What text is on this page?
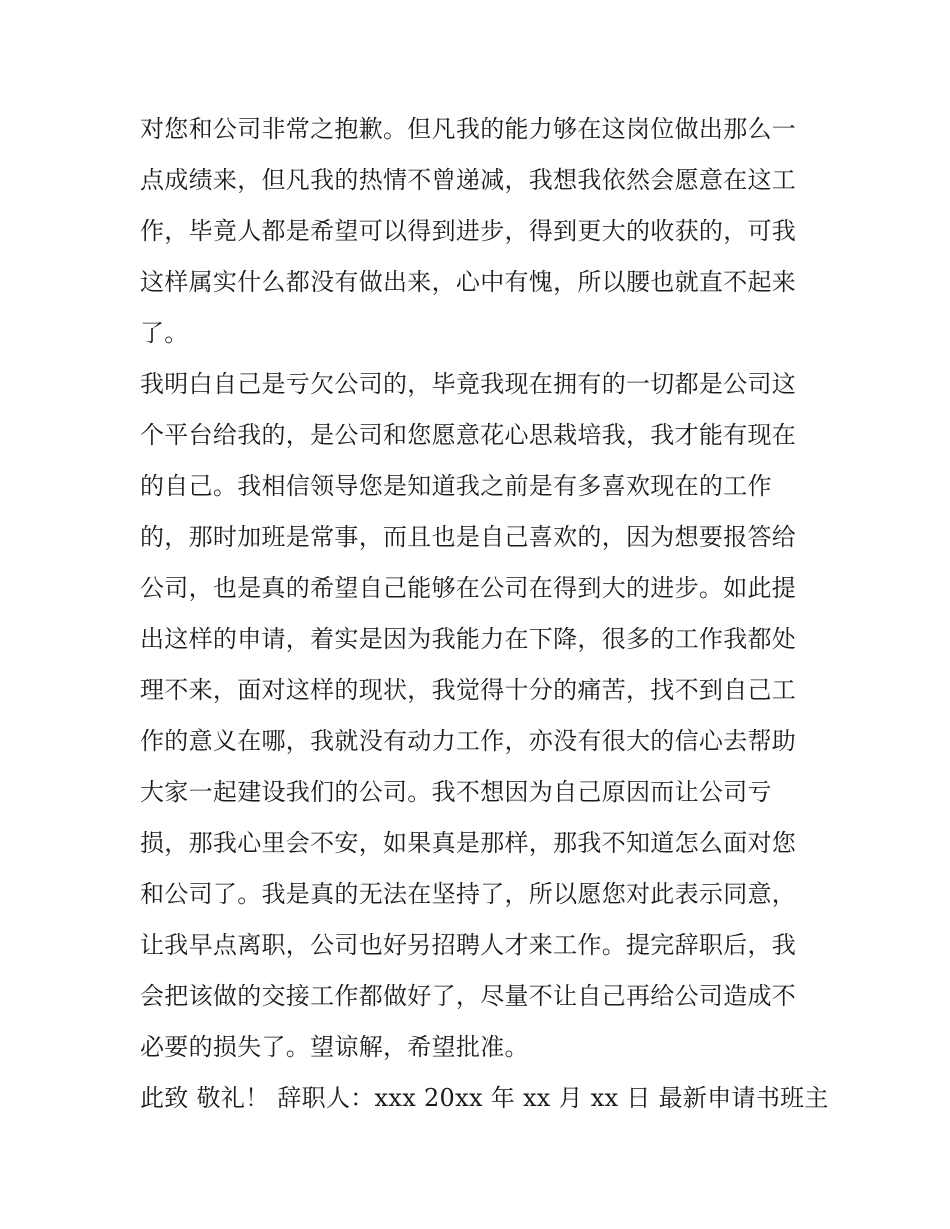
对您和公司非常之抱歉。但凡我的能力够在这岗位做出那么一
点成绩来，但凡我的热情不曾递减，我想我依然会愿意在这工
作，毕竟人都是希望可以得到进步，得到更大的收获的，可我
这样属实什么都没有做出来，心中有愧，所以腰也就直不起来
了。
我明白自己是亏欠公司的，毕竟我现在拥有的一切都是公司这
个平台给我的，是公司和您愿意花心思栽培我，我才能有现在
的自己。我相信领导您是知道我之前是有多喜欢现在的工作
的，那时加班是常事，而且也是自己喜欢的，因为想要报答给
公司，也是真的希望自己能够在公司在得到大的进步。如此提
出这样的申请，着实是因为我能力在下降，很多的工作我都处
理不来，面对这样的现状，我觉得十分的痛苦，找不到自己工
作的意义在哪，我就没有动力工作，亦没有很大的信心去帮助
大家一起建设我们的公司。我不想因为自己原因而让公司亏
损，那我心里会不安，如果真是那样，那我不知道怎么面对您
和公司了。我是真的无法在坚持了，所以愿您对此表示同意，
让我早点离职，公司也好另招聘人才来工作。提完辞职后，我
会把该做的交接工作都做好了，尽量不让自己再给公司造成不
必要的损失了。望谅解，希望批准。
此致 敬礼！ 辞职人：xxx 20xx 年 xx 月 xx 日 最新申请书班主
